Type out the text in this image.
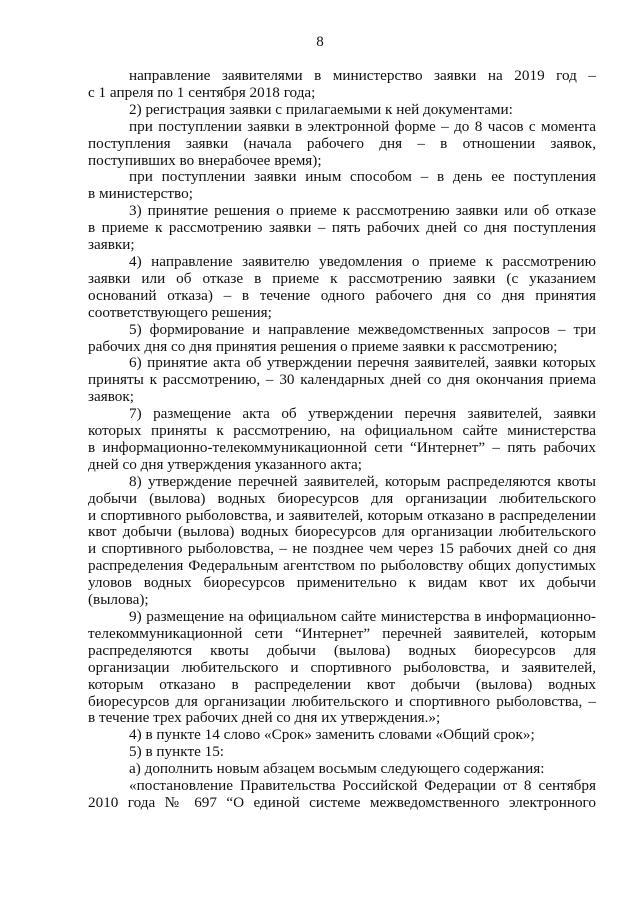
8
направление заявителями в министерство заявки на 2019 год –
с 1 апреля по 1 сентября 2018 года;
2) регистрация заявки с прилагаемыми к ней документами:
при поступлении заявки в электронной форме – до 8 часов с момента
поступления заявки (начала рабочего дня – в отношении заявок,
поступивших во внерабочее время);
при поступлении заявки иным способом – в день ее поступления
в министерство;
3) принятие решения о приеме к рассмотрению заявки или об отказе
в приеме к рассмотрению заявки – пять рабочих дней со дня поступления
заявки;
4) направление заявителю уведомления о приеме к рассмотрению
заявки или об отказе в приеме к рассмотрению заявки (с указанием
оснований отказа) – в течение одного рабочего дня со дня принятия
соответствующего решения;
5) формирование и направление межведомственных запросов – три
рабочих дня со дня принятия решения о приеме заявки к рассмотрению;
6) принятие акта об утверждении перечня заявителей, заявки которых
приняты к рассмотрению, – 30 календарных дней со дня окончания приема
заявок;
7) размещение акта об утверждении перечня заявителей, заявки
которых приняты к рассмотрению, на официальном сайте министерства
в информационно-телекоммуникационной сети “Интернет” – пять рабочих
дней со дня утверждения указанного акта;
8) утверждение перечней заявителей, которым распределяются квоты
добычи (вылова) водных биоресурсов для организации любительского
и спортивного рыболовства, и заявителей, которым отказано в распределении
квот добычи (вылова) водных биоресурсов для организации любительского
и спортивного рыболовства, – не позднее чем через 15 рабочих дней со дня
распределения Федеральным агентством по рыболовству общих допустимых
уловов водных биоресурсов применительно к видам квот их добычи
(вылова);
9) размещение на официальном сайте министерства в информационно-
телекоммуникационной сети “Интернет” перечней заявителей, которым
распределяются квоты добычи (вылова) водных биоресурсов для
организации любительского и спортивного рыболовства, и заявителей,
которым отказано в распределении квот добычи (вылова) водных
биоресурсов для организации любительского и спортивного рыболовства, –
в течение трех рабочих дней со дня их утверждения.»;
4) в пункте 14 слово «Срок» заменить словами «Общий срок»;
5) в пункте 15:
а) дополнить новым абзацем восьмым следующего содержания:
«постановление Правительства Российской Федерации от 8 сентября
2010 года № 697 “О единой системе межведомственного электронного
